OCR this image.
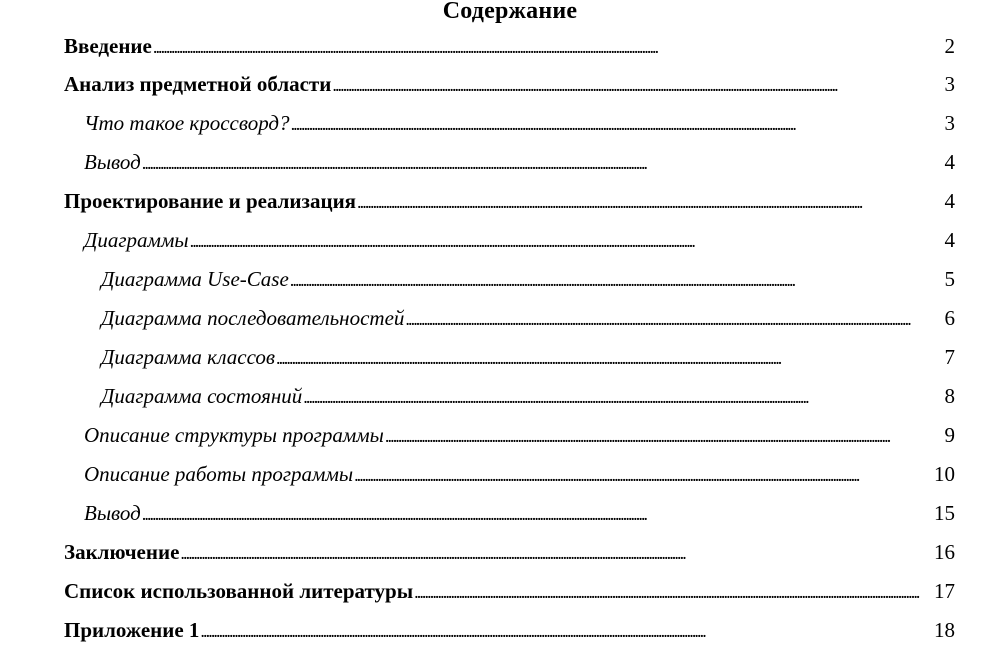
Содержание
Введение . . .	2
Анализ предметной области . . .	3
Что такое кроссворд? . . .	3
Вывод . . .	4
Проектирование и реализация . . .	4
Диаграммы . . .	4
Диаграмма Use-Case . . .	5
Диаграмма последовательностей . . .	6
Диаграмма классов . . .	7
Диаграмма состояний . . .	8
Описание структуры программы . . .	9
Описание работы программы . . .	10
Вывод . . .	15
Заключение . . .	16
Список использованной литературы . . .	17
Приложение 1 . . .	18
